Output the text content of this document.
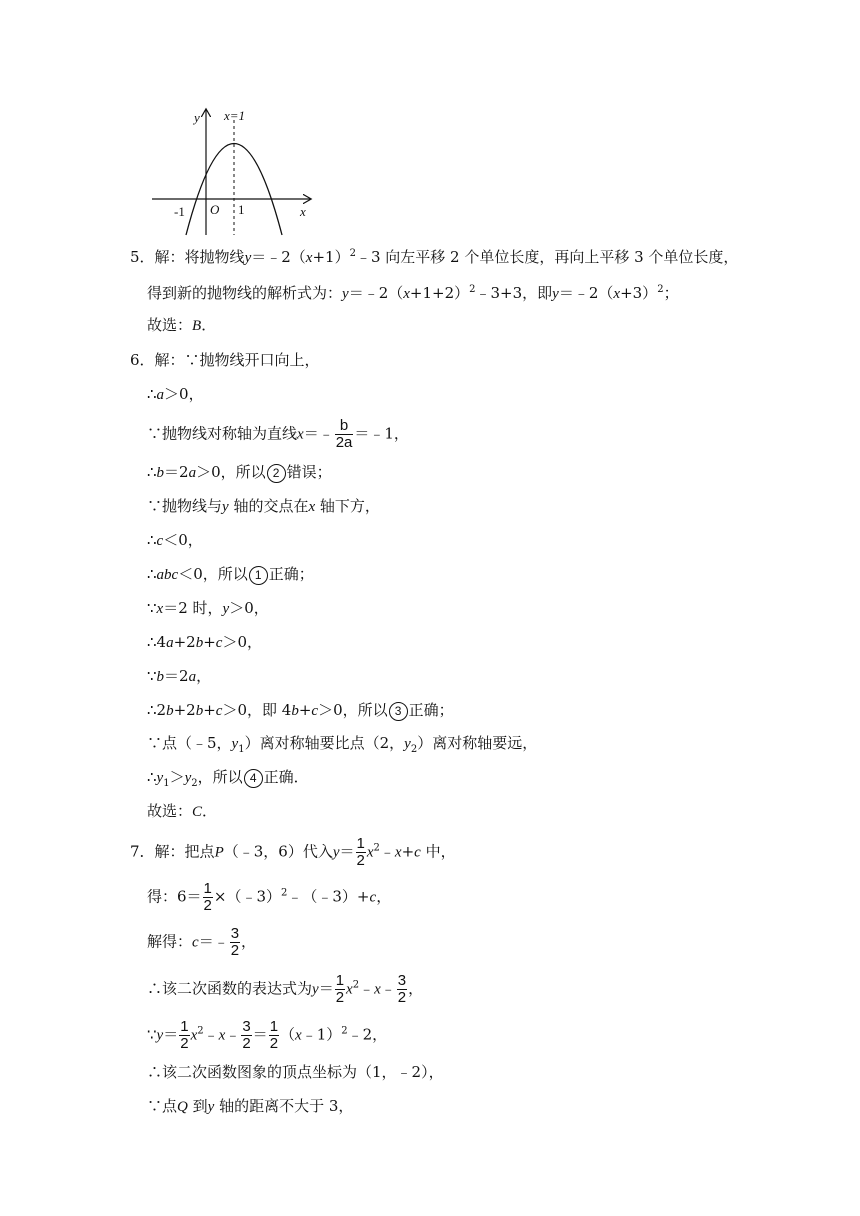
y
x
x=1
O
-1	1
5．解：将抛物线$y=﹣2(x+1)^2﹣3$ 向左平移 2 个单位长度，再向上平移 3 个单位长度，
得到新的抛物线的解析式为：$y=﹣2(x+1+2)^2﹣3+3$，即$y=﹣2(x+3)^2$；
故选：B．
6．解：∵抛物线开口向上，
∴a＞0，
∵抛物线对称轴为直线x＝﹣ $\frac{b}{2a}$ ＝﹣1，
∴b＝2a＞0，所以 2 错误；
∵抛物线与y 轴的交点在x 轴下方，
∴c＜0，
∴abc＜0，所以 1 正确；
∵x＝2 时，y＞0，
∴4a+2b+c＞0，
∵b＝2a，
∴2b+2b+c＞0，即 4b+c＞0，所以 3 正确；
∵点（﹣5，$y_1$）离对称轴要比点（2，$y_2$）离对称轴要远，
$\therefore y_1>y_2$，所以 4 正确．
故选：C．
7．解：把点P（﹣3，6）代入$y= \frac{1}{2}$ $x^2﹣x+c$ 中，
得：$6= \frac{1}{2}$ ×（﹣3）$^2$﹣（﹣3）+c，
解得：c＝﹣ $\frac{3}{2}$ ，
∴该二次函数的表达式为$y= \frac{1}{2}$ $x^2﹣x﹣ \frac{3}{2}$ ，
∵y＝ $\frac{1}{2}$ $x^2﹣x﹣ \frac{3}{2} = \frac{1}{2}$ （x﹣1）$^2$﹣2，
∴该二次函数图象的顶点坐标为（1，﹣2），
∵点Q 到y 轴的距离不大于 3，
